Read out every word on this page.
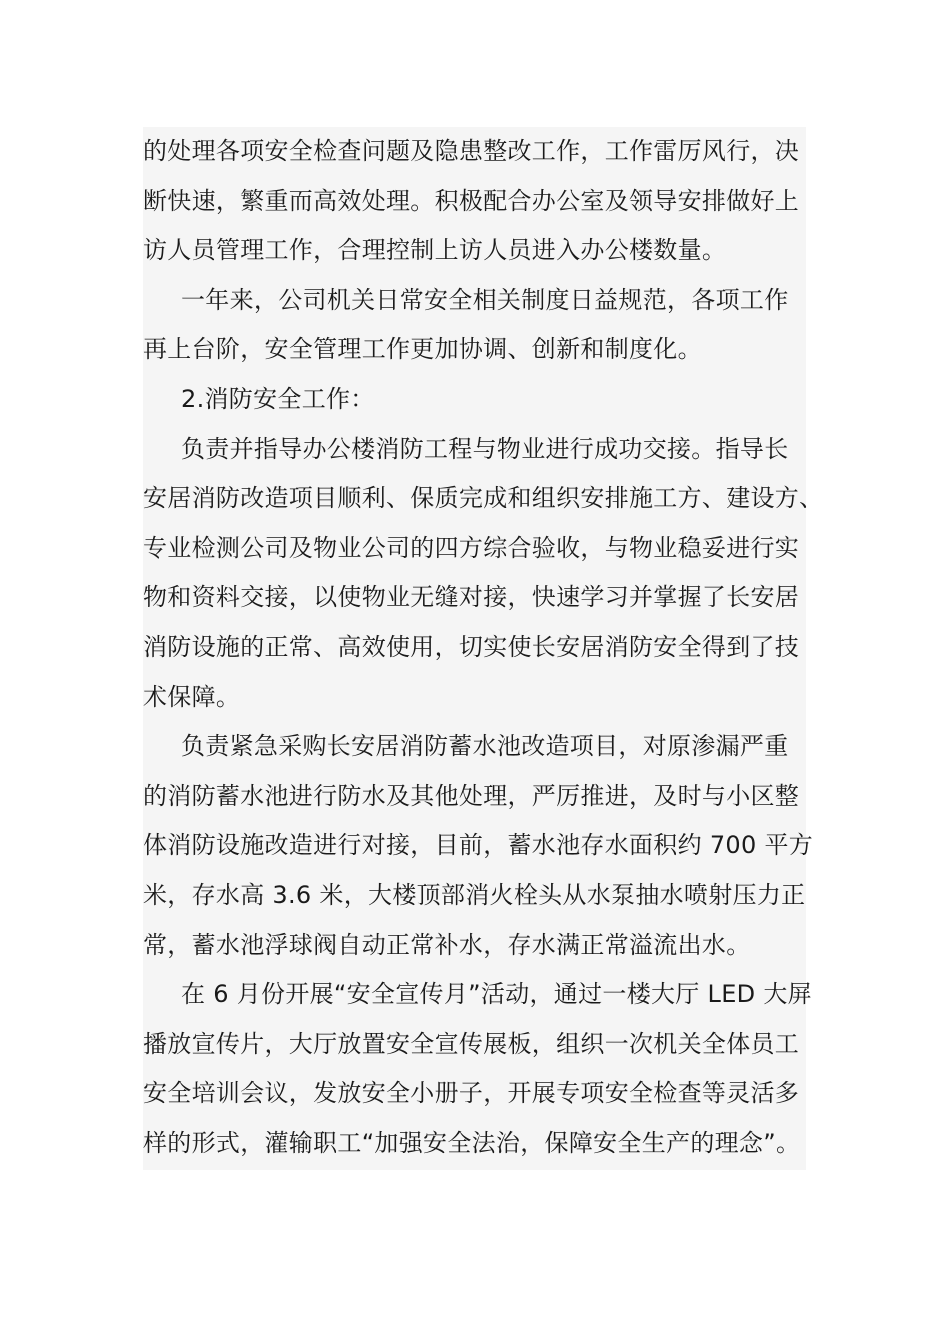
的处理各项安全检查问题及隐患整改工作，工作雷厉风行，决
断快速，繁重而高效处理。积极配合办公室及领导安排做好上
访人员管理工作，合理控制上访人员进入办公楼数量。
一年来，公司机关日常安全相关制度日益规范，各项工作
再上台阶，安全管理工作更加协调、创新和制度化。
2.消防安全工作：
负责并指导办公楼消防工程与物业进行成功交接。指导长
安居消防改造项目顺利、保质完成和组织安排施工方、建设方、
专业检测公司及物业公司的四方综合验收，与物业稳妥进行实
物和资料交接，以使物业无缝对接，快速学习并掌握了长安居
消防设施的正常、高效使用，切实使长安居消防安全得到了技
术保障。
负责紧急采购长安居消防蓄水池改造项目，对原渗漏严重
的消防蓄水池进行防水及其他处理，严厉推进，及时与小区整
体消防设施改造进行对接，目前，蓄水池存水面积约 700 平方
米，存水高 3.6 米，大楼顶部消火栓头从水泵抽水喷射压力正
常，蓄水池浮球阀自动正常补水，存水满正常溢流出水。
在 6 月份开展“安全宣传月”活动，通过一楼大厅 LED 大屏
播放宣传片，大厅放置安全宣传展板，组织一次机关全体员工
安全培训会议，发放安全小册子，开展专项安全检查等灵活多
样的形式，灌输职工“加强安全法治，保障安全生产的理念”。
